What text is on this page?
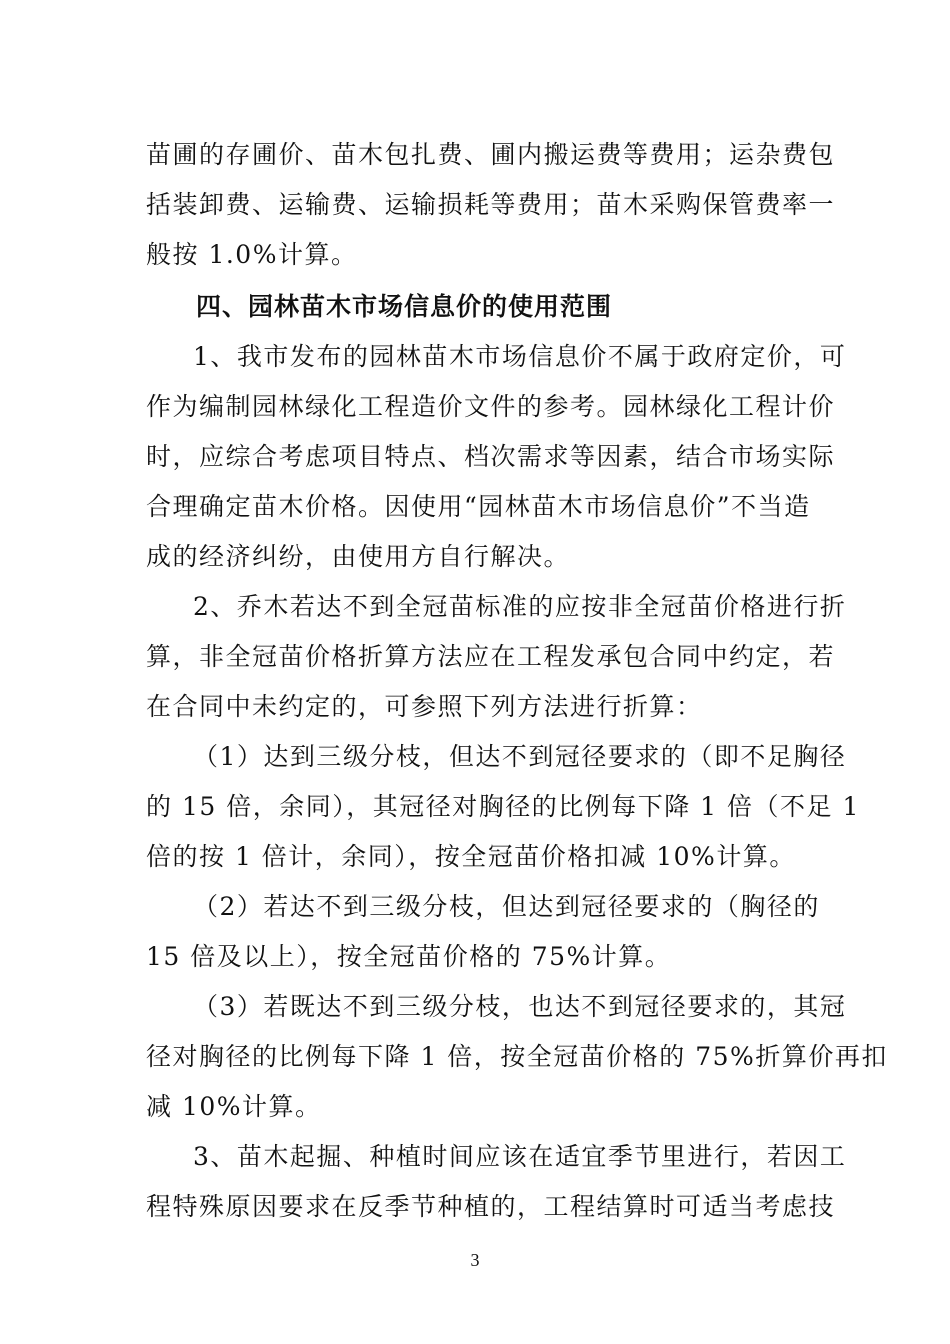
苗圃的存圃价、苗木包扎费、圃内搬运费等费用；运杂费包
括装卸费、运输费、运输损耗等费用；苗木采购保管费率一
般按 1.0%计算。
四、园林苗木市场信息价的使用范围
1、我市发布的园林苗木市场信息价不属于政府定价，可
作为编制园林绿化工程造价文件的参考。园林绿化工程计价
时，应综合考虑项目特点、档次需求等因素，结合市场实际
合理确定苗木价格。因使用“园林苗木市场信息价”不当造
成的经济纠纷，由使用方自行解决。
2、乔木若达不到全冠苗标准的应按非全冠苗价格进行折
算，非全冠苗价格折算方法应在工程发承包合同中约定，若
在合同中未约定的，可参照下列方法进行折算：
（1）达到三级分枝，但达不到冠径要求的（即不足胸径
的 15 倍，余同），其冠径对胸径的比例每下降 1 倍（不足 1
倍的按 1 倍计，余同），按全冠苗价格扣减 10%计算。
（2）若达不到三级分枝，但达到冠径要求的（胸径的
15 倍及以上），按全冠苗价格的 75%计算。
（3）若既达不到三级分枝，也达不到冠径要求的，其冠
径对胸径的比例每下降 1 倍，按全冠苗价格的 75%折算价再扣
减 10%计算。
3、苗木起掘、种植时间应该在适宜季节里进行，若因工
程特殊原因要求在反季节种植的，工程结算时可适当考虑技
3
